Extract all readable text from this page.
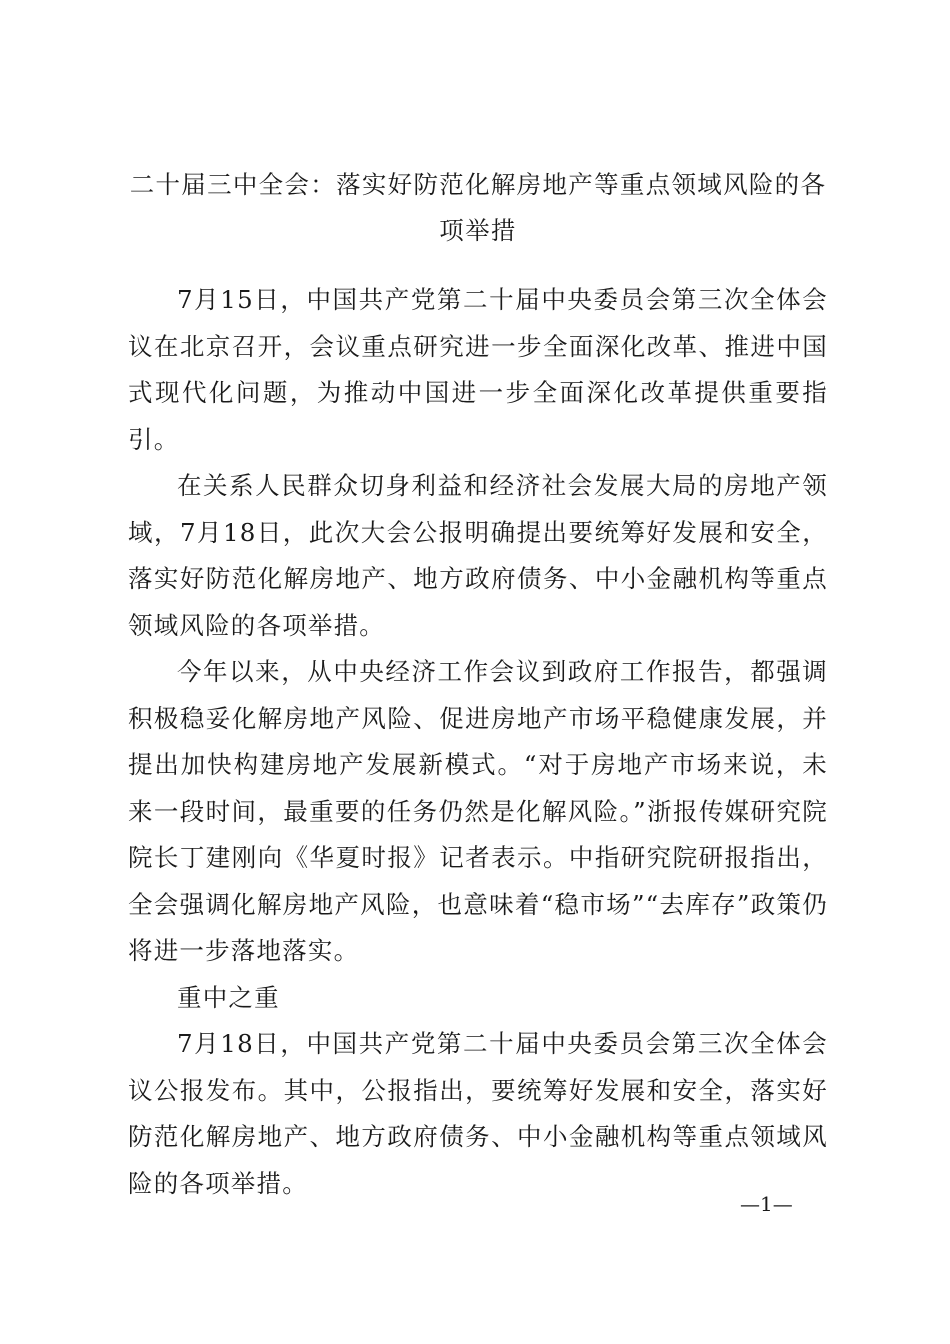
二十届三中全会：落实好防范化解房地产等重点领域风险的各项举措

7月15日，中国共产党第二十届中央委员会第三次全体会议在北京召开，会议重点研究进一步全面深化改革、推进中国式现代化问题，为推动中国进一步全面深化改革提供重要指引。

在关系人民群众切身利益和经济社会发展大局的房地产领域，7月18日，此次大会公报明确提出要统筹好发展和安全，落实好防范化解房地产、地方政府债务、中小金融机构等重点领域风险的各项举措。

今年以来，从中央经济工作会议到政府工作报告，都强调积极稳妥化解房地产风险、促进房地产市场平稳健康发展，并提出加快构建房地产发展新模式。“对于房地产市场来说，未来一段时间，最重要的任务仍然是化解风险。”浙报传媒研究院院长丁建刚向《华夏时报》记者表示。中指研究院研报指出，全会强调化解房地产风险，也意味着“稳市场”“去库存”政策仍将进一步落地落实。

重中之重

7月18日，中国共产党第二十届中央委员会第三次全体会议公报发布。其中，公报指出，要统筹好发展和安全，落实好防范化解房地产、地方政府债务、中小金融机构等重点领域风险的各项举措。

—1—
